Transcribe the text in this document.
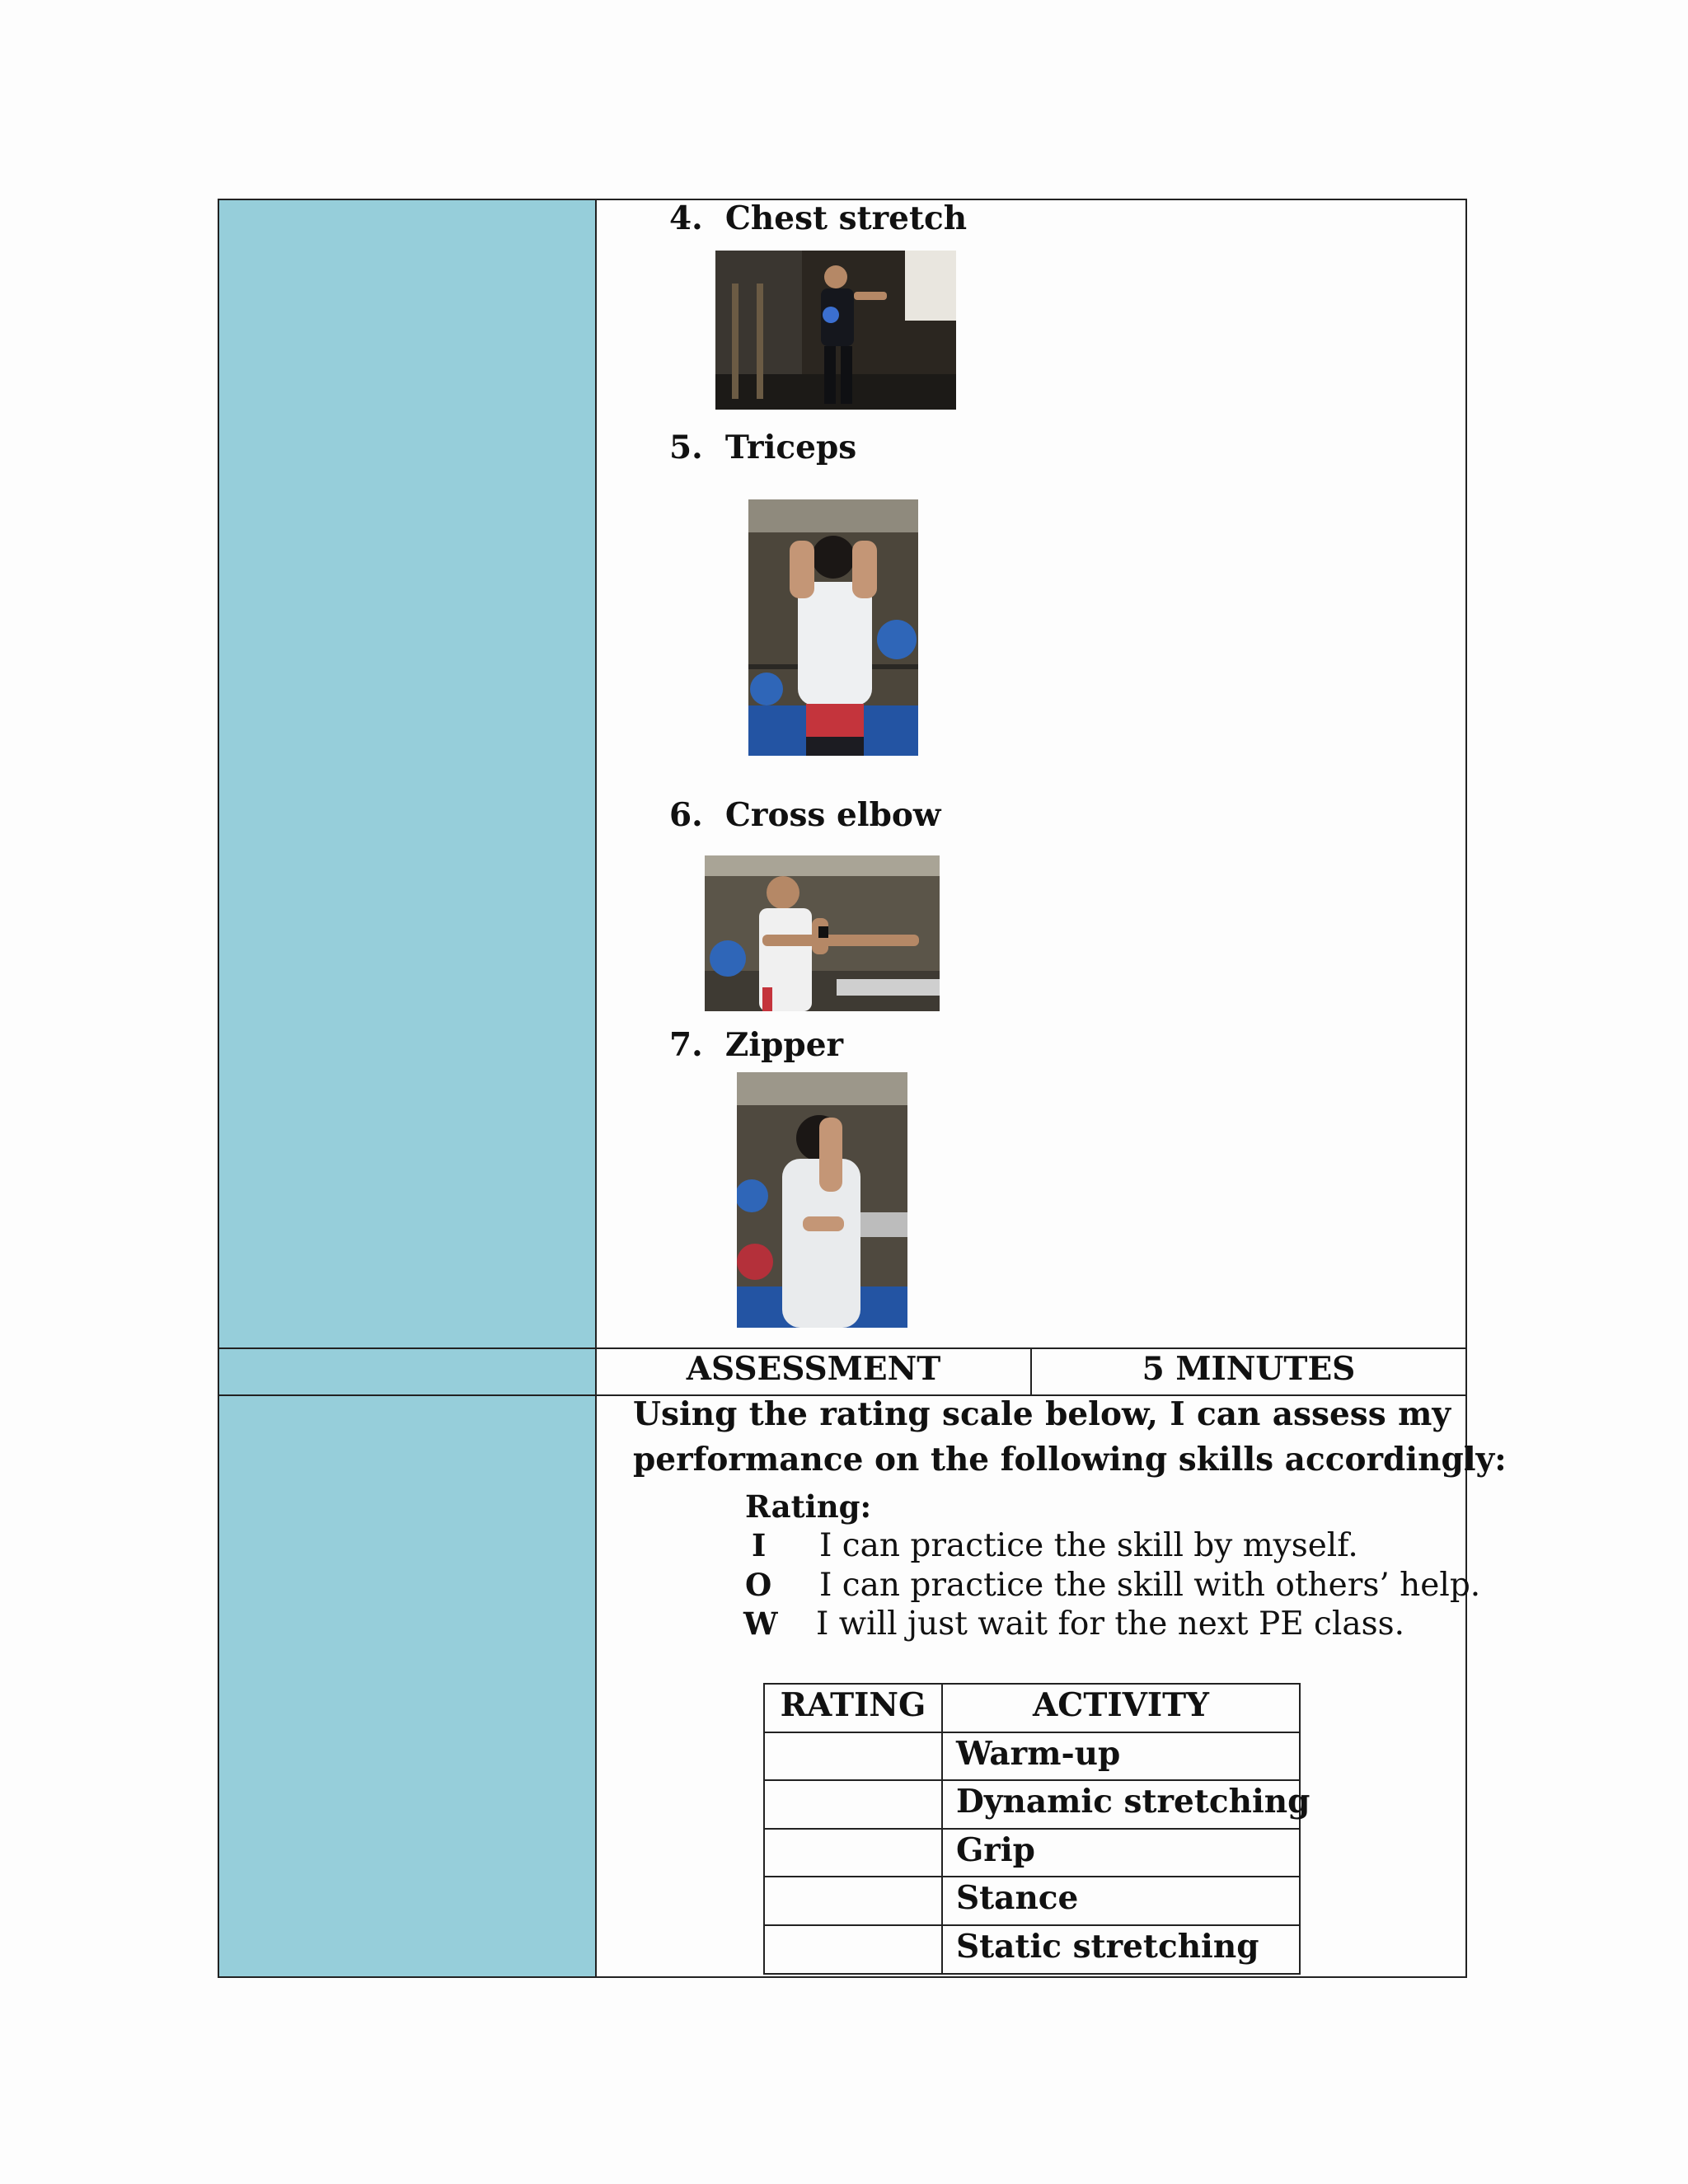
4. Chest stretch
5. Triceps
6. Cross elbow
7. Zipper
ASSESSMENT	5 MINUTES
Using the rating scale below, I can assess my
performance on the following skills accordingly:
Rating:
I I can practice the skill by myself.
O I can practice the skill with others’ help.
W I will just wait for the next PE class.
RATING	ACTIVITY
Warm-up
Dynamic stretching
Grip
Stance
Static stretching
